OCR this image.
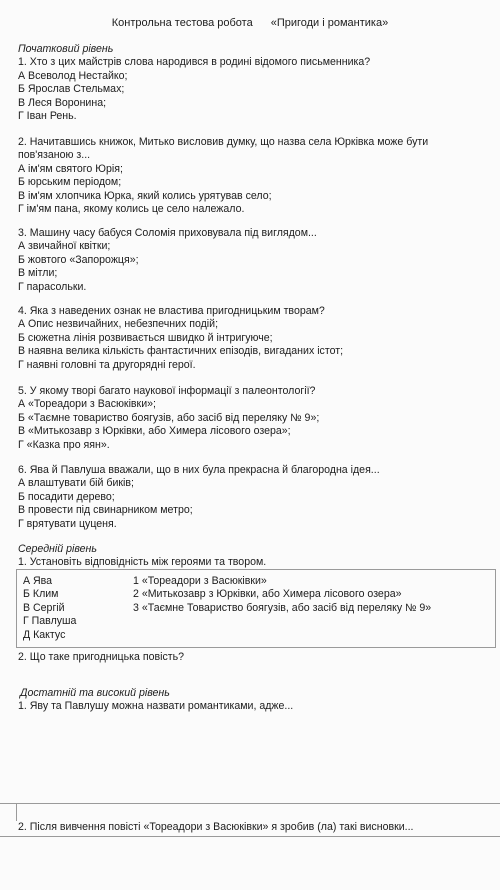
Контрольна тестова робота «Пригоди і романтика»
Початковий рівень
1. Хто з цих майстрів слова народився в родині відомого письменника?
А Всеволод Нестайко;
Б Ярослав Стельмах;
В Леся Воронина;
Г Іван Рень.
2. Начитавшись книжок, Митько висловив думку, що назва села Юрківка може бути
пов'язаною з...
А ім'ям святого Юрія;
Б юрським періодом;
В ім'ям хлопчика Юрка, який колись урятував село;
Г ім'ям пана, якому колись це село належало.
3. Машину часу бабуся Соломія приховувала під виглядом...
А звичайної квітки;
Б жовтого «Запорожця»;
В мітли;
Г парасольки.
4. Яка з наведених ознак не властива пригодницьким творам?
А Опис незвичайних, небезпечних подій;
Б сюжетна лінія розвивається швидко й інтригуюче;
В наявна велика кількість фантастичних епізодів, вигаданих істот;
Г наявні головні та другорядні герої.
5. У якому творі багато наукової інформації з палеонтології?
А «Тореадори з Васюківки»;
Б «Таємне товариство боягузів, або засіб від переляку № 9»;
В «Митькозавр з Юрківки, або Химера лісового озера»;
Г «Казка про яян».
6. Ява й Павлуша вважали, що в них була прекрасна й благородна ідея...
А влаштувати бій биків;
Б посадити дерево;
В провести під свинарником метро;
Г врятувати цуценя.
Середній рівень
1. Установіть відповідність між героями та твором.
А Ява
Б Клим
В Сергій
Г Павлуша
Д Кактус
1 «Тореадори з Васюківки»
2 «Митькозавр з Юрківки, або Химера лісового озера»
3 «Таємне Товариство боягузів, або засіб від переляку № 9»
2. Що таке пригодницька повість?
Достатній та високий рівень
1. Яву та Павлушу можна назвати романтиками, адже...
2. Після вивчення повісті «Тореадори з Васюківки» я зробив (ла) такі висновки...
